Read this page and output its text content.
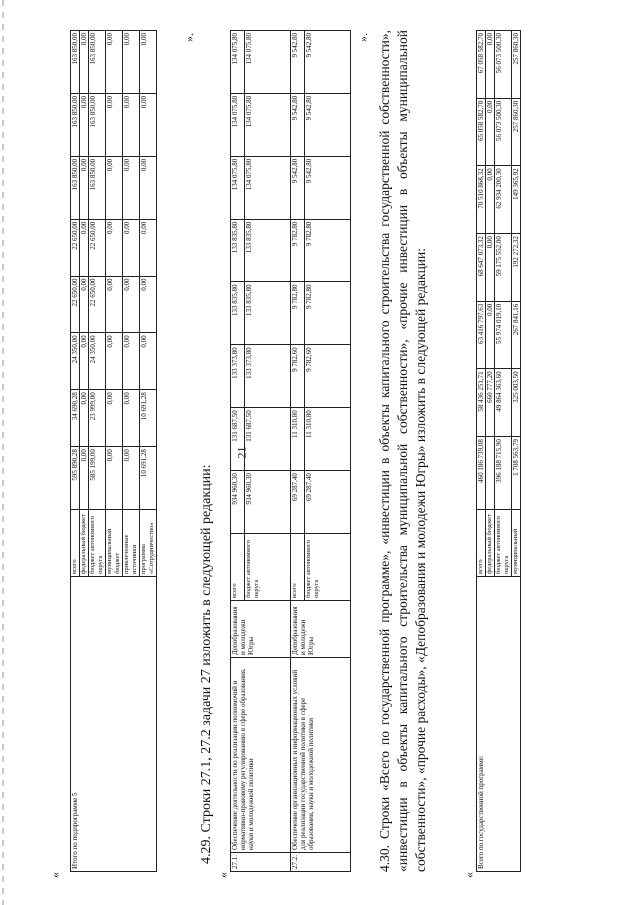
21
«
Итого по подпрограмме 5	всего	595 890,28	34 690,28	24 350,00	22 650,00	22 650,00	163 850,00	163 850,00	163 850,00
	федеральный бюджет	0,00	0,00	0,00	0,00	0,00	0,00	0,00	0,00
	бюджет автономного округа	585 199,00	23 999,00	24 350,00	22 650,00	22 650,00	163 850,00	163 850,00	163 850,00
	муниципальный бюджет	0,00	0,00	0,00	0,00	0,00	0,00	0,00	0,00
	привлеченные источники	0,00	0,00	0,00	0,00	0,00	0,00	0,00	0,00
	программа «Сотрудничество»	10 691,28	10 691,28	0,00	0,00	0,00	0,00	0,00	0,00	».
4.29. Строки 27.1, 27.2 задачи 27 изложить в следующей редакции:
«
27.1.	Обеспечение деятельности по реализации полномочий и нормативно-правовому регулированию в сфере образования, науки и молодежной политики	Депобразования и молодежи Югры	всего	934 960,30	131 687,50	133 373,80	133 835,80	133 835,80	134 075,80	134 075,80	134 075,80
			бюджет автономного округа	934 960,30	131 687,50	133 373,80	133 835,80	133 835,80	134 075,80	134 075,80	134 075,80
27.2.	Обеспечение организационных и информационных условий для реализации государственной политики в сфере образования, науки и молодежной политики	Депобразования и молодежи Югры	всего	69 287,40	11 310,80	9 782,60	9 782,80	9 782,80	9 542,80	9 542,80	9 542,80
			бюджет автономного округа	69 287,40	11 310,80	9 782,60	9 782,80	9 782,80	9 542,80	9 542,80	9 542,80	». 4.30. Строки «Всего по государственной программе», «инвестиции в объекты капитального строительства государственной собственности», «инвестиции в объекты капитального строительства муниципальной собственности», «прочие инвестиции в объекты муниципальной собственности», «прочие расходы», «Депобразования и молодежи Югры» изложить в следующей редакции:
«
Всего по государственной программе:	всего	460 186 739,08	58 436 251,71	63 416 797,63	68 647 073,32	70 510 868,32	65 058 582,70	67 058 582,70
	федеральный бюджет		660 777,20	0,00	0,00	0,00	0,00	0,00
	бюджет автономного округа	396 188 715,90	49 864 363,60	55 974 019,10	59 175 552,00	62 934 200,30	56 073 500,30	56 073 500,30
	муниципальный	1 708 563,79	325 003,50	267 841,16	192 272,32	149 365,92	257 860,30	257 860,30
